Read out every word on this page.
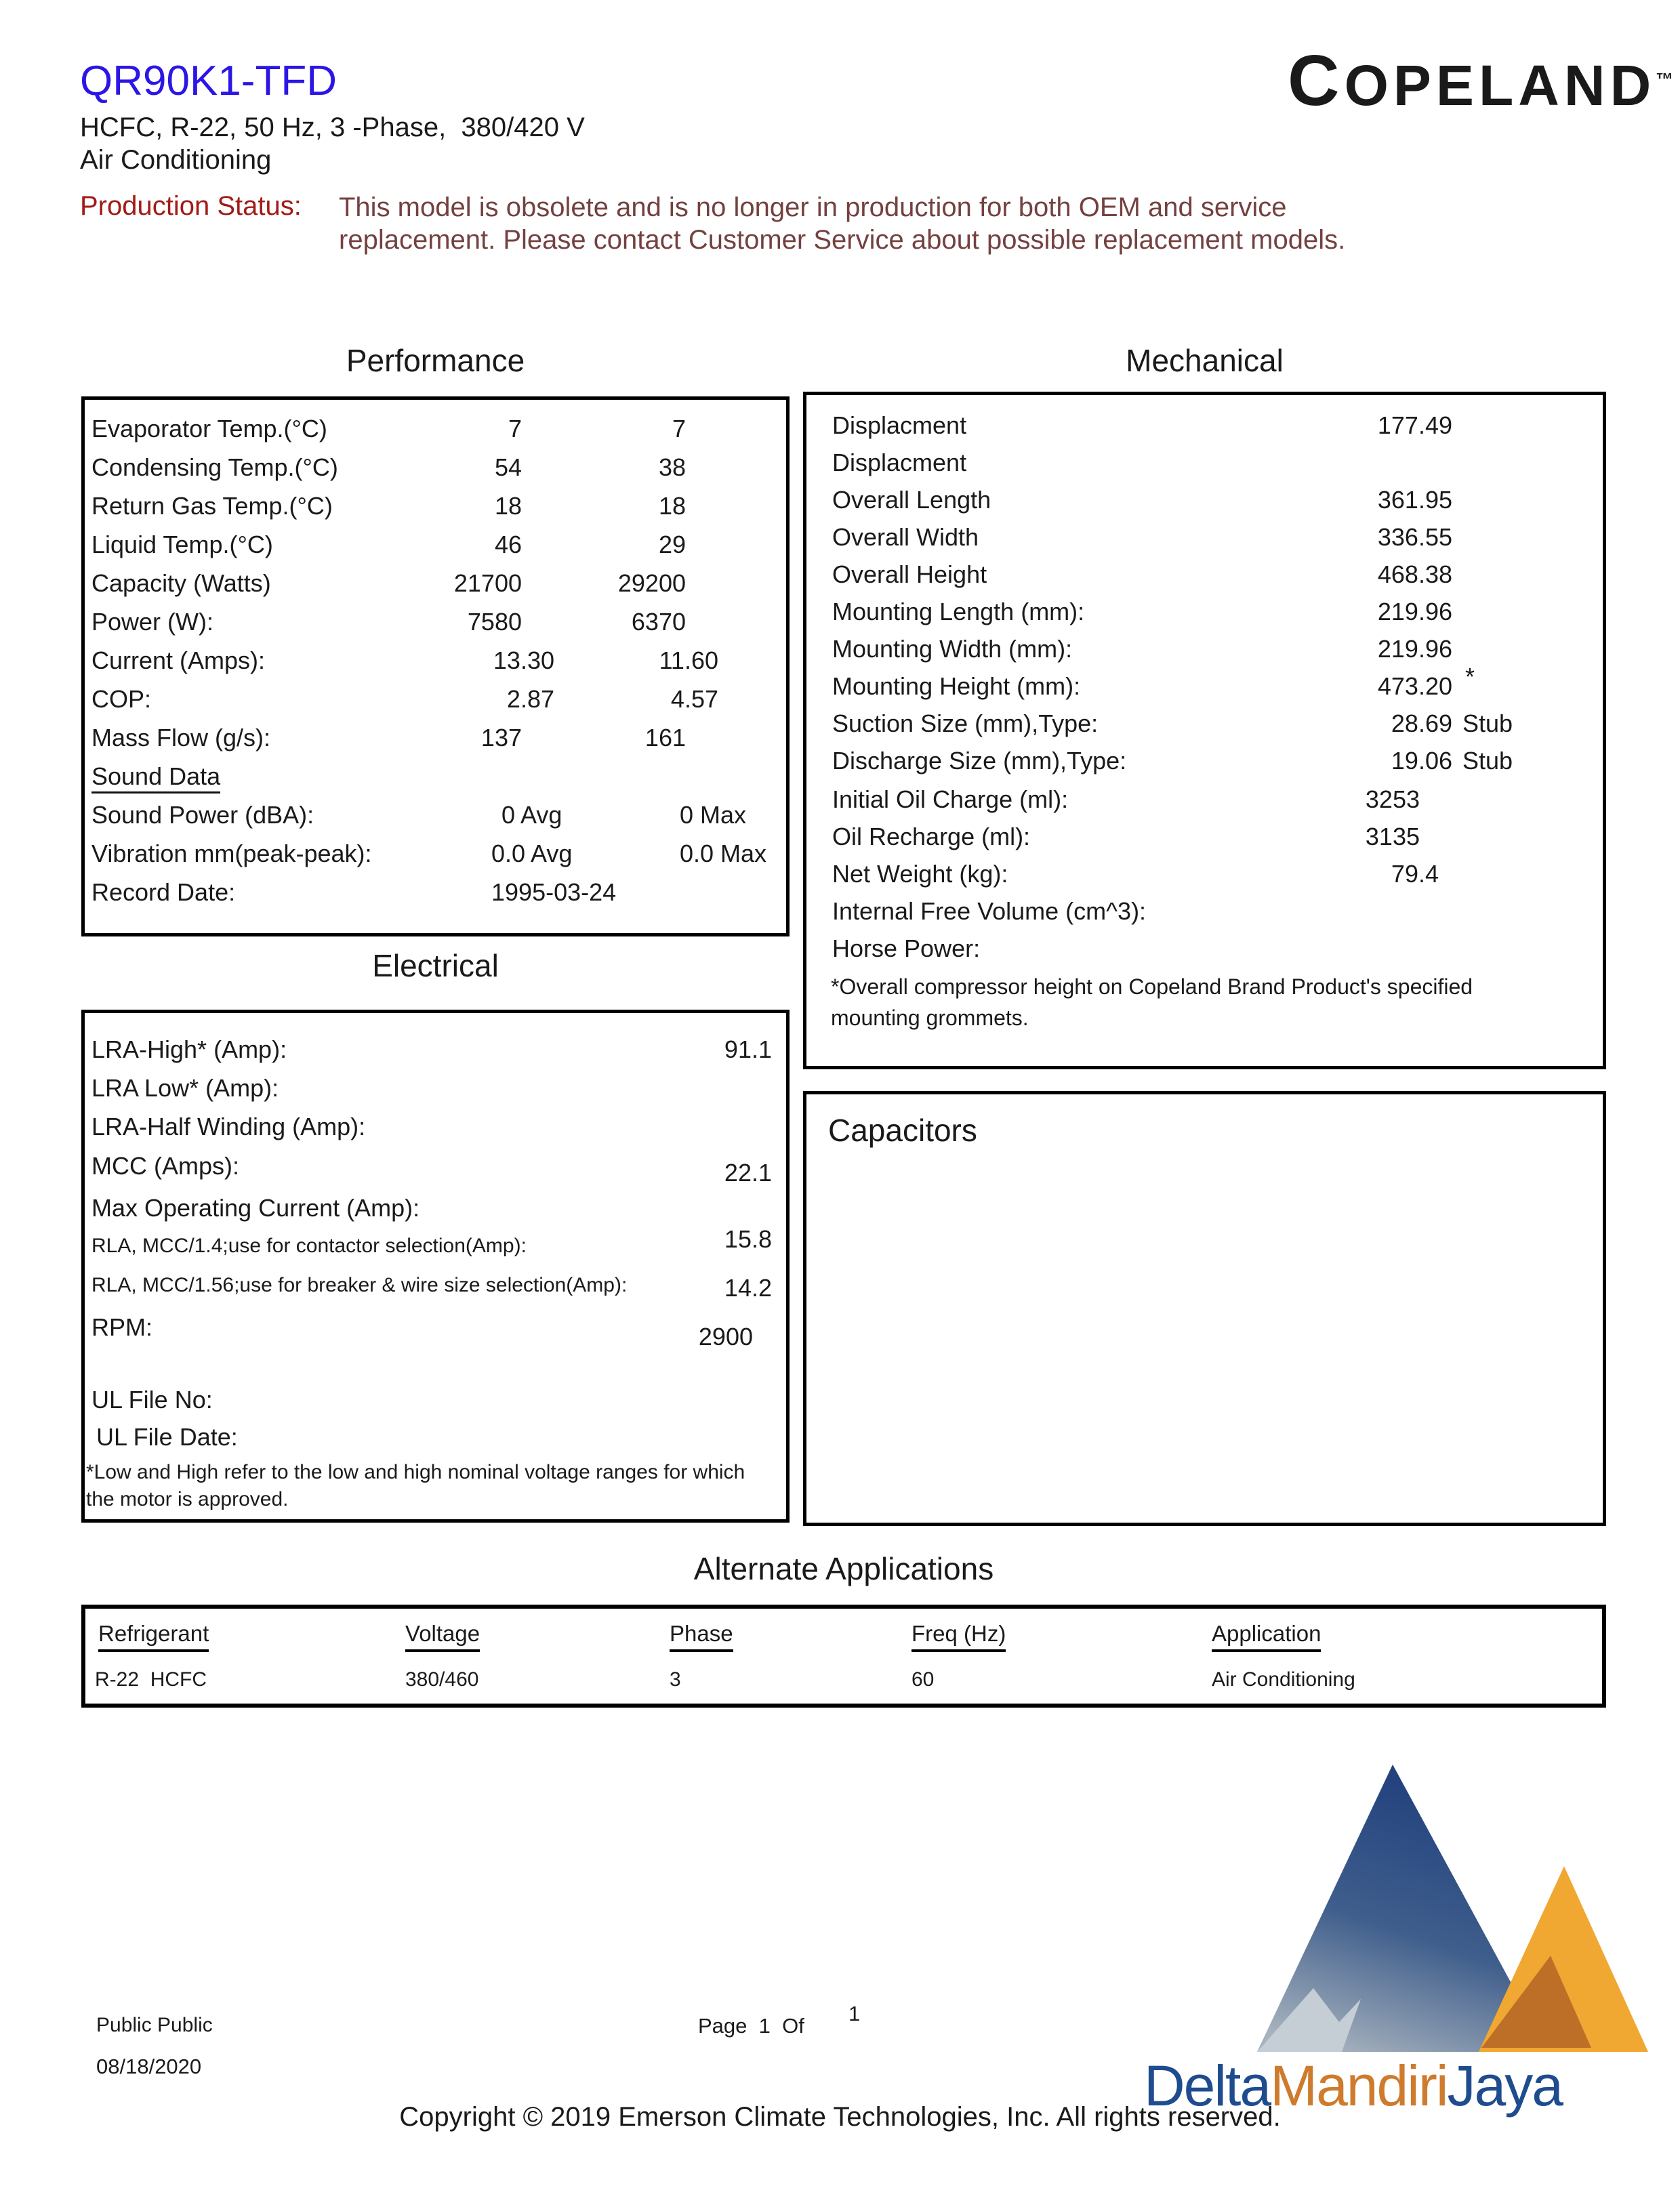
QR90K1-TFD
HCFC, R-22, 50 Hz, 3 -Phase,  380/420 V
Air Conditioning
COPELAND™
Production Status: This model is obsolete and is no longer in production for both OEM and service replacement. Please contact Customer Service about possible replacement models.
Performance	Mechanical
Evaporator Temp.(°C)	7	7
Condensing Temp.(°C)	54	38
Return Gas Temp.(°C)	18	18
Liquid Temp.(°C)	46	29
Capacity (Watts)	21700	29200
Power (W):	7580	6370
Current (Amps):	13.30	11.60
COP:	2.87	4.57
Mass Flow (g/s):	137	161
Sound Data
Sound Power (dBA):	0 Avg	0 Max
Vibration mm(peak-peak):	0.0 Avg	0.0 Max
Record Date:	1995-03-24
Displacment	177.49
Displacment
Overall Length	361.95
Overall Width	336.55
Overall Height	468.38
Mounting Length (mm):	219.96
Mounting Width (mm):	219.96
Mounting Height (mm):	473.20 *
Suction Size (mm),Type:	28.69 Stub
Discharge Size (mm),Type:	19.06 Stub
Initial Oil Charge (ml):	3253
Oil Recharge (ml):	3135
Net Weight (kg):	79.4
Internal Free Volume (cm^3):
Horse Power:
*Overall compressor height on Copeland Brand Product's specified mounting grommets.
Electrical
LRA-High* (Amp):	91.1
LRA Low* (Amp):
LRA-Half Winding (Amp):
MCC (Amps):	22.1
Max Operating Current (Amp):
RLA, MCC/1.4;use for contactor selection(Amp):	15.8
RLA, MCC/1.56;use for breaker & wire size selection(Amp):	14.2
RPM:	2900
UL File No:
UL File Date:
*Low and High refer to the low and high nominal voltage ranges for which the motor is approved.
Capacitors
Alternate Applications
Refrigerant	Voltage	Phase	Freq (Hz)	Application
R-22  HCFC	380/460	3	60	Air Conditioning
DeltaMandiriJaya
Public Public
08/18/2020
Page  1  Of
1
Copyright © 2019 Emerson Climate Technologies, Inc. All rights reserved.
